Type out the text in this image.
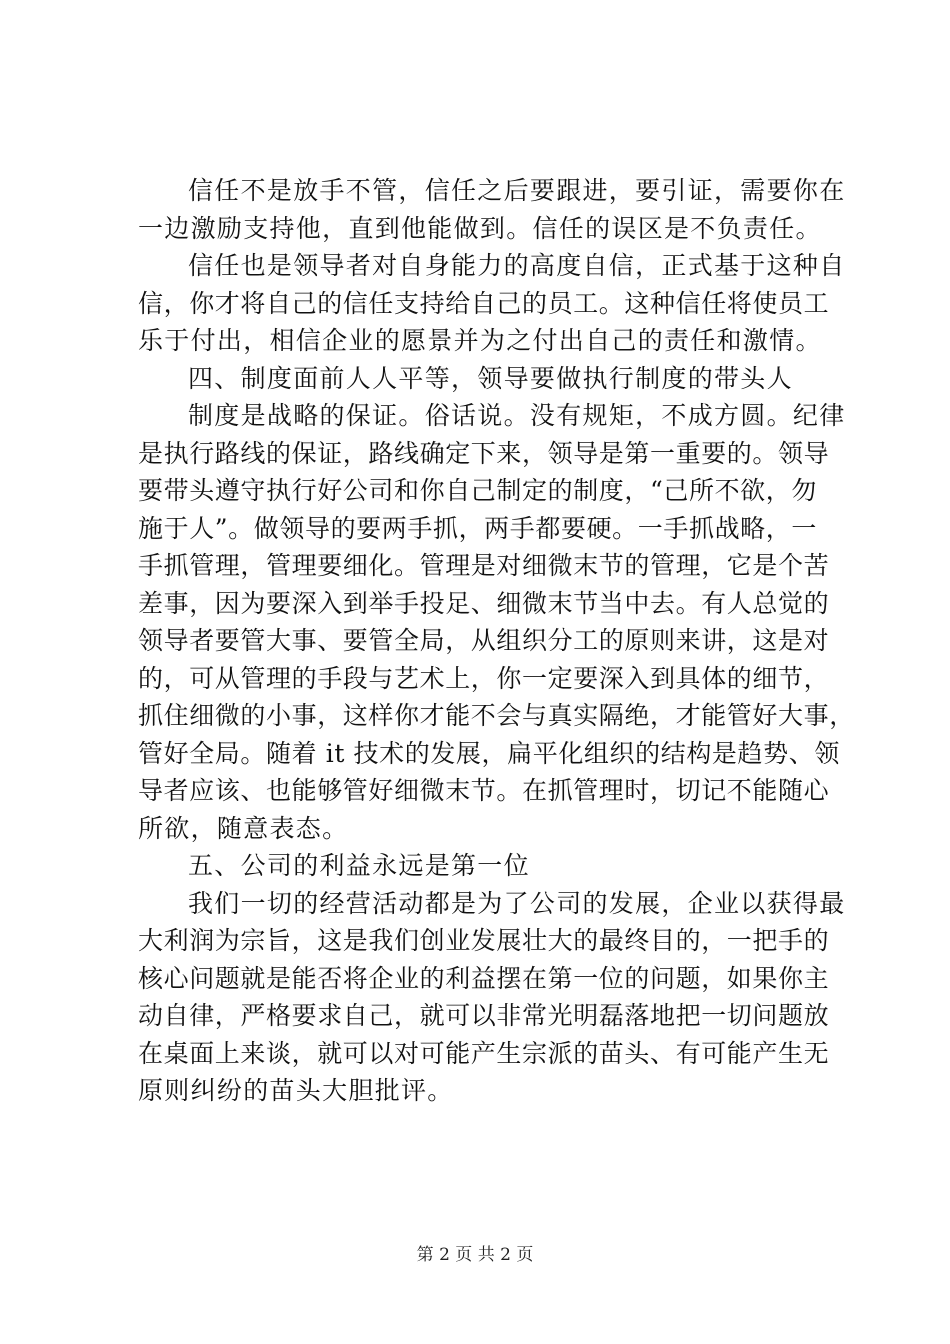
信任不是放手不管，信任之后要跟进，要引证，需要你在
一边激励支持他，直到他能做到。信任的误区是不负责任。
信任也是领导者对自身能力的高度自信，正式基于这种自
信，你才将自己的信任支持给自己的员工。这种信任将使员工
乐于付出，相信企业的愿景并为之付出自己的责任和激情。
四、制度面前人人平等，领导要做执行制度的带头人
制度是战略的保证。俗话说。没有规矩，不成方圆。纪律
是执行路线的保证，路线确定下来，领导是第一重要的。领导
要带头遵守执行好公司和你自己制定的制度，“己所不欲，勿
施于人”。做领导的要两手抓，两手都要硬。一手抓战略，一
手抓管理，管理要细化。管理是对细微末节的管理，它是个苦
差事，因为要深入到举手投足、细微末节当中去。有人总觉的
领导者要管大事、要管全局，从组织分工的原则来讲，这是对
的，可从管理的手段与艺术上，你一定要深入到具体的细节，
抓住细微的小事，这样你才能不会与真实隔绝，才能管好大事，
管好全局。随着 it 技术的发展，扁平化组织的结构是趋势、领
导者应该、也能够管好细微末节。在抓管理时，切记不能随心
所欲，随意表态。
五、公司的利益永远是第一位
我们一切的经营活动都是为了公司的发展，企业以获得最
大利润为宗旨，这是我们创业发展壮大的最终目的，一把手的
核心问题就是能否将企业的利益摆在第一位的问题，如果你主
动自律，严格要求自己，就可以非常光明磊落地把一切问题放
在桌面上来谈，就可以对可能产生宗派的苗头、有可能产生无
原则纠纷的苗头大胆批评。
第 2 页 共 2 页
